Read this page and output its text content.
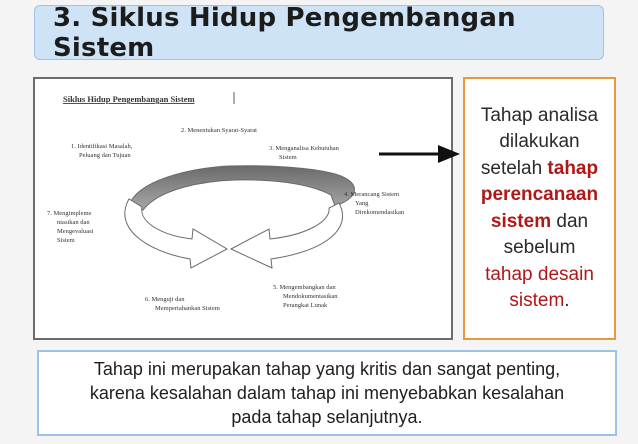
3. Siklus Hidup Pengembangan Sistem
Siklus Hidup Pengembangan Sistem
1. Identifikasi Masalah,
Peluang dan Tujuan
2. Menentukan Syarat-Syarat
3. Menganalisa Kebutuhan
Sistem
4. Merancang Sistem
Yang
Direkomendasikan
5. Mengembangkan dan
Mendokumentasikan
Perangkat Lunak
6. Menguji dan
Mempertahankan Sistem
7. Mengimpleme
ntasikan dan
Mengevaluasi
Sistem

Tahap analisa
dilakukan
setelah tahap
perencanaan
sistem dan
sebelum
tahap desain
sistem.

Tahap ini merupakan tahap yang kritis dan sangat penting,
karena kesalahan dalam tahap ini menyebabkan kesalahan
pada tahap selanjutnya.
